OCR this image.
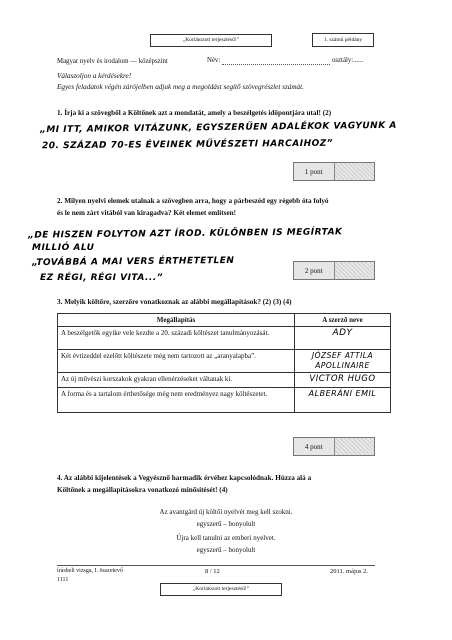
„Korlátozott terjesztésű!”	1. számú példány
Magyar nyelv és irodalom — középszint	Név:	osztály:......
Válaszoljon a kérdésekre!
Egyes feladatok végén zárójelben adjuk meg a megoldást segítő szövegrészlet számát.
1. Írja ki a szövegből a Költőnek azt a mondatát, amely a beszélgetés időpontjára utal! (2)
„MI ITT, AMIKOR VITÁZUNK, EGYSZERŰEN ADALÉKOK VAGYUNK A
20. SZÁZAD 70-ES ÉVEINEK MŰVÉSZETI HARCAIHOZ”
1 pont
2. Milyen nyelvi elemek utalnak a szövegben arra, hogy a párbeszéd egy régebb óta folyó
és le nem zárt vitából van kiragadva? Két elemet említsen!
„DE HISZEN FOLYTON AZT ÍROD. KÜLÖNBEN IS MEGÍRTAK
MILLIÓ ALU
„TOVÁBBÁ A MAI VERS ÉRTHETETLEN
EZ RÉGI, RÉGI VITA...”
2 pont
3. Melyik költőre, szerzőre vonatkoznak az alábbi megállapítások? (2) (3) (4)
Megállapítás	A szerző neve
A beszélgetők egyike vele kezdte a 20. századi költészet tanulmányozását.	ADY
Két évtizeddel ezelőtt költészete még nem tartozott az „aranyalapba”.	JÓZSEF ATTILA APOLLINAIRE
Az új művészi korszakok gyakran ellenérzéseket váltanak ki.	VICTOR HUGO
A forma és a tartalom érthetősége még nem eredményez nagy költészetet.	ALBERÁNI EMIL
4 pont
4. Az alábbi kijelentések a Vegyésznő harmadik érvéhez kapcsolódnak. Húzza alá a
Költőnek a megállapításokra vonatkozó minősítését! (4)
Az avantgárd új költői nyelvét meg kell szokni.
egyszerű – bonyolult
Újra kell tanulni az emberi nyelvet.
egyszerű – bonyolult
írásbeli vizsga, I. összetevő
1111
8 / 12	2011. május 2.
„Korlátozott terjesztésű!”
